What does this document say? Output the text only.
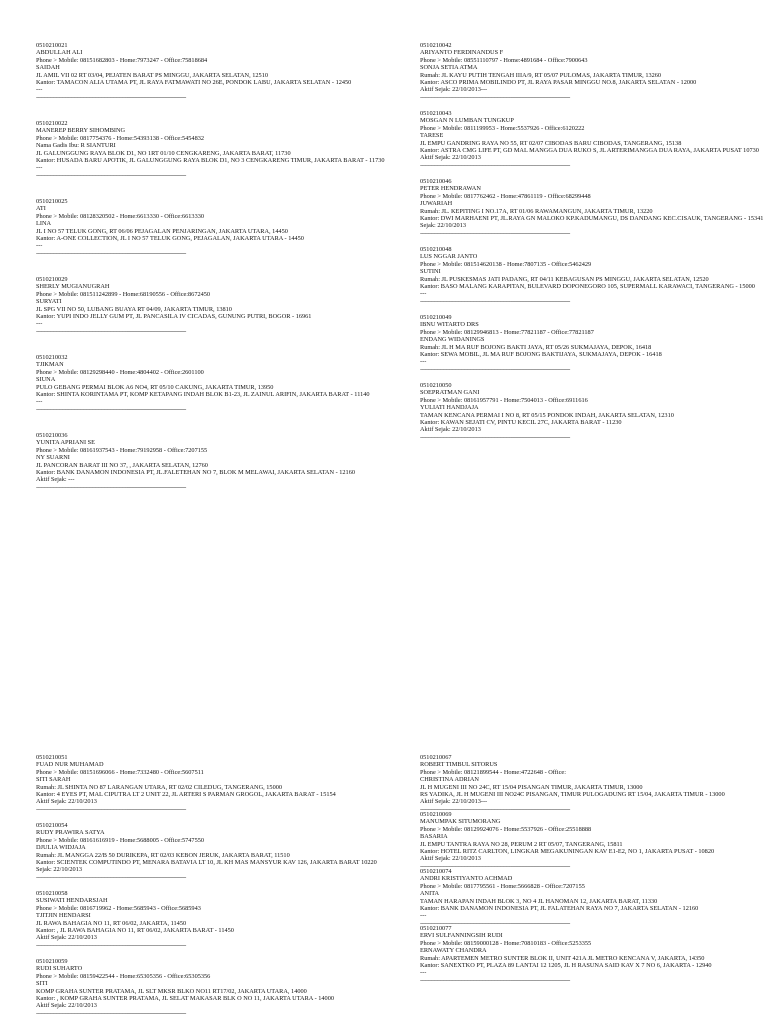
0510210021
ABDULLAH ALI
Phone > Mobile: 08151682803 - Home:7973247 - Office:75818684
SAIDAH
JL AMIL VII 02 RT 03/04, PEJATEN BARAT PS MINGGU, JAKARTA SELATAN, 12510
Kantor: TAMACON ALIA UTAMA PT, JL RAYA FATMAWATI NO 26E, PONDOK LABU, JAKARTA SELATAN - 12450
---
----------------------------------------------------------------------------------------------------
0510210022
MANEREP BERRY SIHOMBING
Phone > Mobile: 0817754376 - Home:54393138 - Office:5454832
Nama Gadis Ibu: R SIANTURI
JL GALUNGGUNG RAYA BLOK D1, NO 1RT 01/10 CENGKARENG, JAKARTA BARAT, 11730
Kantor: HUSADA BARU APOTIK, JL GALUNGGUNG RAYA BLOK D1, NO 3 CENGKARENG TIMUR, JAKARTA BARAT - 11730
---
----------------------------------------------------------------------------------------------------
0510210025
ATI
Phone > Mobile: 08128320502 - Home:6613330 - Office:6613330
LINA
JL I NO 57 TELUK GONG, RT 06/06 PEJAGALAN PENJARINGAN, JAKARTA UTARA, 14450
Kantor: A-ONE COLLECTION, JL I NO 57 TELUK GONG, PEJAGALAN, JAKARTA UTARA - 14450
---
----------------------------------------------------------------------------------------------------
0510210029
SHERLY MUGIANUGRAH
Phone > Mobile: 081511242899 - Home:68190556 - Office:8672450
SURYATI
JL SPG VII NO 50, LUBANG BUAYA RT 04/09, JAKARTA TIMUR, 13810
Kantor: YUPI INDO JELLY GUM PT, JL PANCASILA IV CICADAS, GUNUNG PUTRI, BOGOR - 16961
---
----------------------------------------------------------------------------------------------------
0510210032
TJIKMAN
Phone > Mobile: 08129298440 - Home:4804402 - Office:2601100
SIUNA
PULO GEBANG PERMAI BLOK A6 NO4, RT 05/10 CAKUNG, JAKARTA TIMUR, 13950
Kantor: SHINTA KORINTAMA PT, KOMP KETAPANG INDAH BLOK B1-23, JL ZAINUL ARIFIN, JAKARTA BARAT - 11140
---
----------------------------------------------------------------------------------------------------
0510210036
YUNITA APRIANI SE
Phone > Mobile: 08161937543 - Home:79192958 - Office:7207155
NY SUARNI
JL PANCORAN BARAT III NO 37, , JAKARTA SELATAN, 12760
Kantor: BANK DANAMON INDONESIA PT, JL.FALETEHAN NO 7, BLOK M MELAWAI, JAKARTA SELATAN - 12160
Aktif Sejak: ---
----------------------------------------------------------------------------------------------------
0510210042
ARIYANTO FERDINANDUS F
Phone > Mobile: 08551110797 - Home:4891684 - Office:7900643
SONJA SETIA ATMA
Rumah: JL KAYU PUTIH TENGAH IIIA/9, RT 05/07 PULOMAS, JAKARTA TIMUR, 13260
Kantor: ASCO PRIMA MOBILINDO PT, JL RAYA PASAR MINGGU NO.8, JAKARTA SELATAN - 12000
Aktif Sejak: 22/10/2013---
----------------------------------------------------------------------------------------------------
0510210043
MOSGAN N LUMBAN TUNGKUP
Phone > Mobile: 0811199953 - Home:5537926 - Office:6120222
TARESE
JL EMPU GANDRING RAYA NO 55, RT 02/07 CIBODAS BARU CIBODAS, TANGERANG, 15138
Kantor: ASTRA CMG LIFE PT, GD MAL MANGGA DUA RUKO S, JL ARTERIMANGGA DUA RAYA, JAKARTA PUSAT 10730
Aktif Sejak: 22/10/2013
----------------------------------------------------------------------------------------------------
0510210046
PETER HENDRAWAN
Phone > Mobile: 0817762462 - Home:47861119 - Office:68299448
JUWARIAH
Rumah: JL. KEPITING I NO.17A, RT 01/06 RAWAMANGUN, JAKARTA TIMUR, 13220
Kantor: DWI MARHAENI PT, JL.RAYA GN MALOKO KP.KADUMANGU, DS DANDANG KEC.CISAUK, TANGERANG - 15341
Sejak: 22/10/2013
----------------------------------------------------------------------------------------------------
0510210048
LUS NGGAR JANTO
Phone > Mobile: 081514620138 - Home:7807135 - Office:5462429
SUTINI
Rumah: JL PUSKESMAS JATI PADANG, RT 04/11 KEBAGUSAN PS MINGGU, JAKARTA SELATAN, 12520
Kantor: BASO MALANG KARAPITAN, BULEVARD DOPONEGORO 105, SUPERMALL KARAWACI, TANGERANG - 15000
---
----------------------------------------------------------------------------------------------------
0510210049
IBNU WITARTO DRS
Phone > Mobile: 08129946813 - Home:77821187 - Office:77821187
ENDANG WIDANINGS
Rumah: JL H MA RUF BOJONG BAKTI JAYA, RT 05/26 SUKMAJAYA, DEPOK, 16418
Kantor: SEWA MOBIL, JL MA RUF BOJONG BAKTIJAYA, SUKMAJAYA, DEPOK - 16418
---
----------------------------------------------------------------------------------------------------
0510210050
SOEPRATMAN GANI
Phone > Mobile: 08161957791 - Home:7504013 - Office:6911616
YULIATI HANDJAJA
TAMAN KENCANA PERMAI I NO 8, RT 05/15 PONDOK INDAH, JAKARTA SELATAN, 12310
Kantor: KAWAN SEJATI CV, PINTU KECIL 27C, JAKARTA BARAT - 11230
Aktif Sejak: 22/10/2013
----------------------------------------------------------------------------------------------------
0510210051
FUAD NUR MUHAMAD
Phone > Mobile: 08151696066 - Home:7332480 - Office:5607511
SITI SARAH
Rumah: JL SHINTA NO 87 LARANGAN UTARA, RT 02/02 CILEDUG, TANGERANG, 15000
Kantor: 4 EYES PT, MAL CIPUTRA LT 2 UNIT 22, JL ARTERI S PARMAN GROGOL, JAKARTA BARAT - 15154
Aktif Sejak: 22/10/2013
----------------------------------------------------------------------------------------------------
0510210054
RUDY PRAWIRA SATYA
Phone > Mobile: 08161616919 - Home:5688005 - Office:5747550
DJULIA WIDJAJA
Rumah: JL MANGGA 22/B 50 DURIKEPA, RT 02/03 KEBON JERUK, JAKARTA BARAT, 11510
Kantor: SCIENTEK COMPUTINDO PT, MENARA BATAVIA LT 10, JL KH MAS MANSYUR KAV 126, JAKARTA BARAT 10220
Sejak: 22/10/2013
----------------------------------------------------------------------------------------------------
0510210058
SUSIWATI HENDARSJAH
Phone > Mobile: 0816719962 - Home:5685943 - Office:5685943
TJITJIN HENDARSI
JL RAWA BAHAGIA NO 11, RT 06/02, JAKARTA, 11450
Kantor: , JL RAWA BAHAGIA NO 11, RT 06/02, JAKARTA BARAT - 11450
Aktif Sejak: 22/10/2013
----------------------------------------------------------------------------------------------------
0510210059
RUDI SUHARTO
Phone > Mobile: 08159422544 - Home:65305356 - Office:65305356
SITI
KOMP GRAHA SUNTER PRATAMA, JL SLT MKSR BLKO NO11 RT17/02, JAKARTA UTARA, 14000
Kantor: , KOMP GRAHA SUNTER PRATAMA, JL SELAT MAKASAR BLK O NO 11, JAKARTA UTARA - 14000
Aktif Sejak: 22/10/2013
----------------------------------------------------------------------------------------------------
0510210067
ROBERT TIMBUL SITORUS
Phone > Mobile: 08121899544 - Home:4722648 - Office:
CHRISTINA ADRIAN
JL H MUGENI III NO 24C, RT 15/04 PISANGAN TIMUR, JAKARTA TIMUR, 13000
RS YADIKA, JL H MUGENI III NO24C PISANGAN, TIMUR PULOGADUNG RT 15/04, JAKARTA TIMUR - 13000
Aktif Sejak: 22/10/2013---
----------------------------------------------------------------------------------------------------
0510210069
MANUMPAK SITUMORANG
Phone > Mobile: 08129924076 - Home:5537926 - Office:25518888
BASARIA
JL EMPU TANTRA RAYA NO 28, PERUM 2 RT 05/07, TANGERANG, 15811
Kantor: HOTEL RITZ CARLTON, LINGKAR MEGAKUNINGAN KAV E1-E2, NO 1, JAKARTA PUSAT - 10820
Aktif Sejak: 22/10/2013
----------------------------------------------------------------------------------------------------
0510210074
ANDRI KRISTIYANTO ACHMAD
Phone > Mobile: 0817795561 - Home:5666828 - Office:7207155
ANITA
TAMAN HARAPAN INDAH BLOK 3, NO 4 JL HANOMAN 12, JAKARTA BARAT, 11330
Kantor: BANK DANAMON INDONESIA PT, JL FALATEHAN RAYA NO 7, JAKARTA SELATAN - 12160
---
----------------------------------------------------------------------------------------------------
0510210077
ERVI SULFANNINGSIH RUDI
Phone > Mobile: 08159000128 - Home:70810183 - Office:5253355
ERNAWATY CHANDRA
Rumah: APARTEMEN METRO SUNTER BLOK II, UNIT 421A JL METRO KENCANA V, JAKARTA, 14350
Kantor: SANEXTKO PT, PLAZA 89 LANTAI 12 1205, JL H RASUNA SAID KAV X 7 NO 6, JAKARTA - 12940
---
----------------------------------------------------------------------------------------------------
